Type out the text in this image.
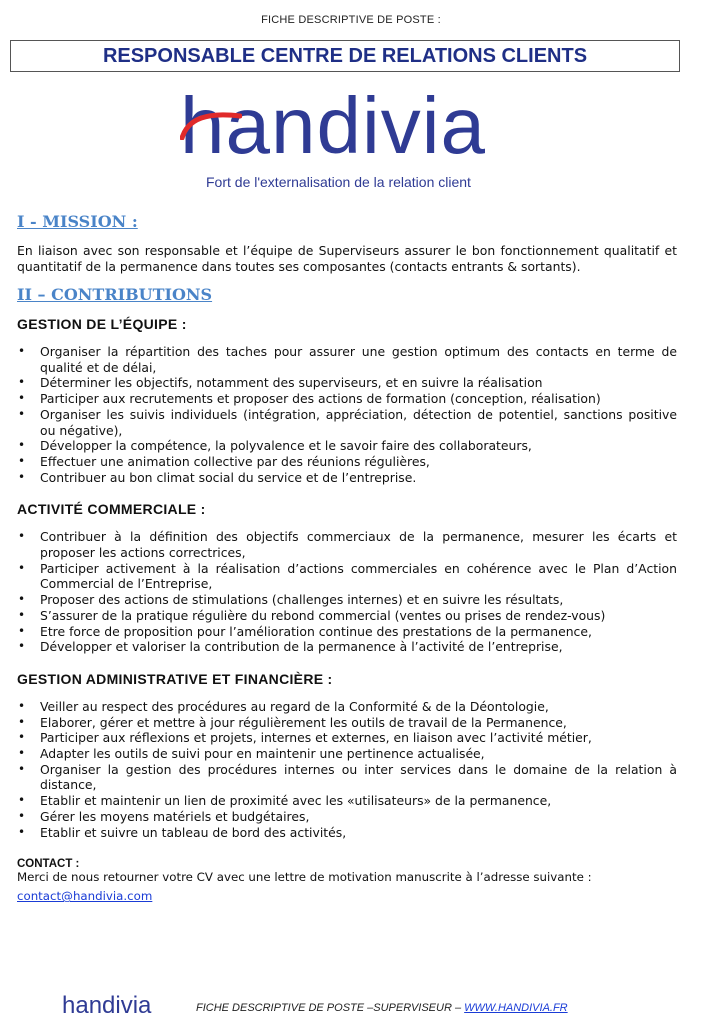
FICHE DESCRIPTIVE DE POSTE :
RESPONSABLE CENTRE DE RELATIONS CLIENTS
handivia
Fort de l'externalisation de la relation client
I - MISSION :

En liaison avec son responsable et l’équipe de Superviseurs assurer le bon fonctionnement qualitatif et quantitatif de la permanence dans toutes ses composantes (contacts entrants & sortants).

II – CONTRIBUTIONS
GESTION DE L’ÉQUIPE :
• Organiser la répartition des taches pour assurer une gestion optimum des contacts en terme de qualité et de délai,
• Déterminer les objectifs, notamment des superviseurs, et en suivre la réalisation
• Participer aux recrutements et proposer des actions de formation (conception, réalisation)
• Organiser les suivis individuels (intégration, appréciation, détection de potentiel, sanctions positive ou négative),
• Développer la compétence, la polyvalence et le savoir faire des collaborateurs,
• Effectuer une animation collective par des réunions régulières,
• Contribuer au bon climat social du service et de l’entreprise.
ACTIVITÉ COMMERCIALE :
• Contribuer à la définition des objectifs commerciaux de la permanence, mesurer les écarts et proposer les actions correctrices,
• Participer activement à la réalisation d’actions commerciales en cohérence avec le Plan d’Action Commercial de l’Entreprise,
• Proposer des actions de stimulations (challenges internes) et en suivre les résultats,
• S’assurer de la pratique régulière du rebond commercial (ventes ou prises de rendez-vous)
• Etre force de proposition pour l’amélioration continue des prestations de la permanence,
• Développer et valoriser la contribution de la permanence à l’activité de l’entreprise,
GESTION ADMINISTRATIVE ET FINANCIÈRE :
• Veiller au respect des procédures au regard de la Conformité & de la Déontologie,
• Elaborer, gérer et mettre à jour régulièrement les outils de travail de la Permanence,
• Participer aux réflexions et projets, internes et externes, en liaison avec l’activité métier,
• Adapter les outils de suivi pour en maintenir une pertinence actualisée,
• Organiser la gestion des procédures internes ou inter services dans le domaine de la relation à distance,
• Etablir et maintenir un lien de proximité avec les «utilisateurs» de la permanence,
• Gérer les moyens matériels et budgétaires,
• Etablir et suivre un tableau de bord des activités,
CONTACT :

Merci de nous retourner votre CV avec une lettre de motivation manuscrite à l’adresse suivante :

contact@handivia.com
handivia	FICHE DESCRIPTIVE DE POSTE –SUPERVISEUR – WWW.HANDIVIA.FR
